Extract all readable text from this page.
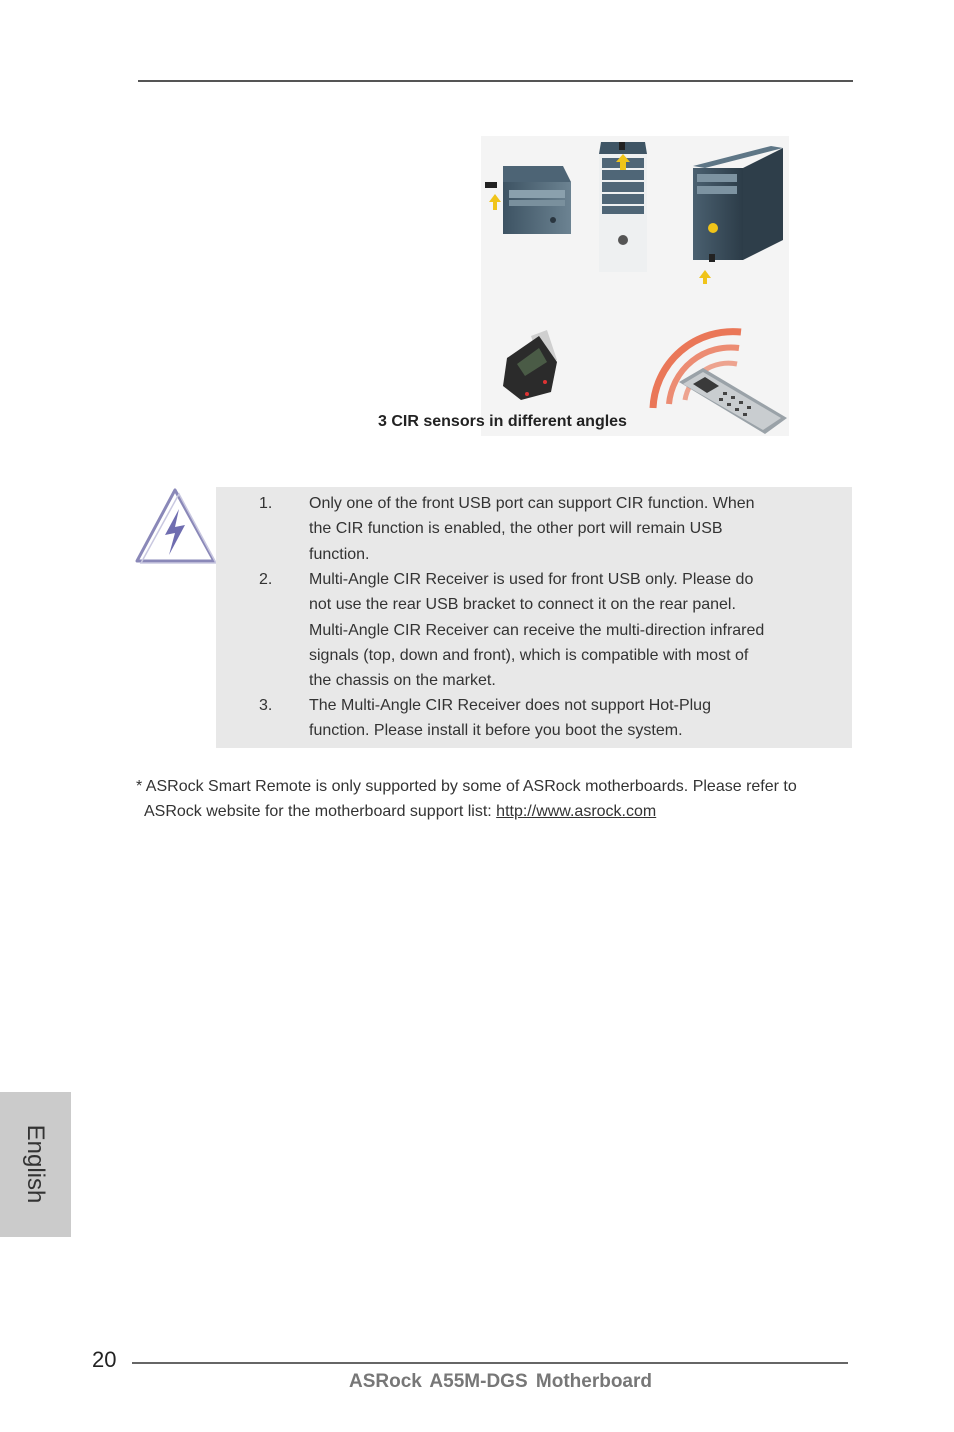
3 CIR sensors in different angles
1. Only one of the front USB port can support CIR function. When
the CIR function is enabled, the other port will remain USB
function.
2. Multi-Angle CIR Receiver is used for front USB only. Please do
not use the rear USB bracket to connect it on the rear panel.
Multi-Angle CIR Receiver can receive the multi-direction infrared
signals (top, down and front), which is compatible with most of
the chassis on the market.
3. The Multi-Angle CIR Receiver does not support Hot-Plug
function. Please install it before you boot the system.
* ASRock Smart Remote is only supported by some of ASRock motherboards. Please refer to
ASRock website for the motherboard support list: http://www.asrock.com
English
20
ASRock A55M-DGS Motherboard
